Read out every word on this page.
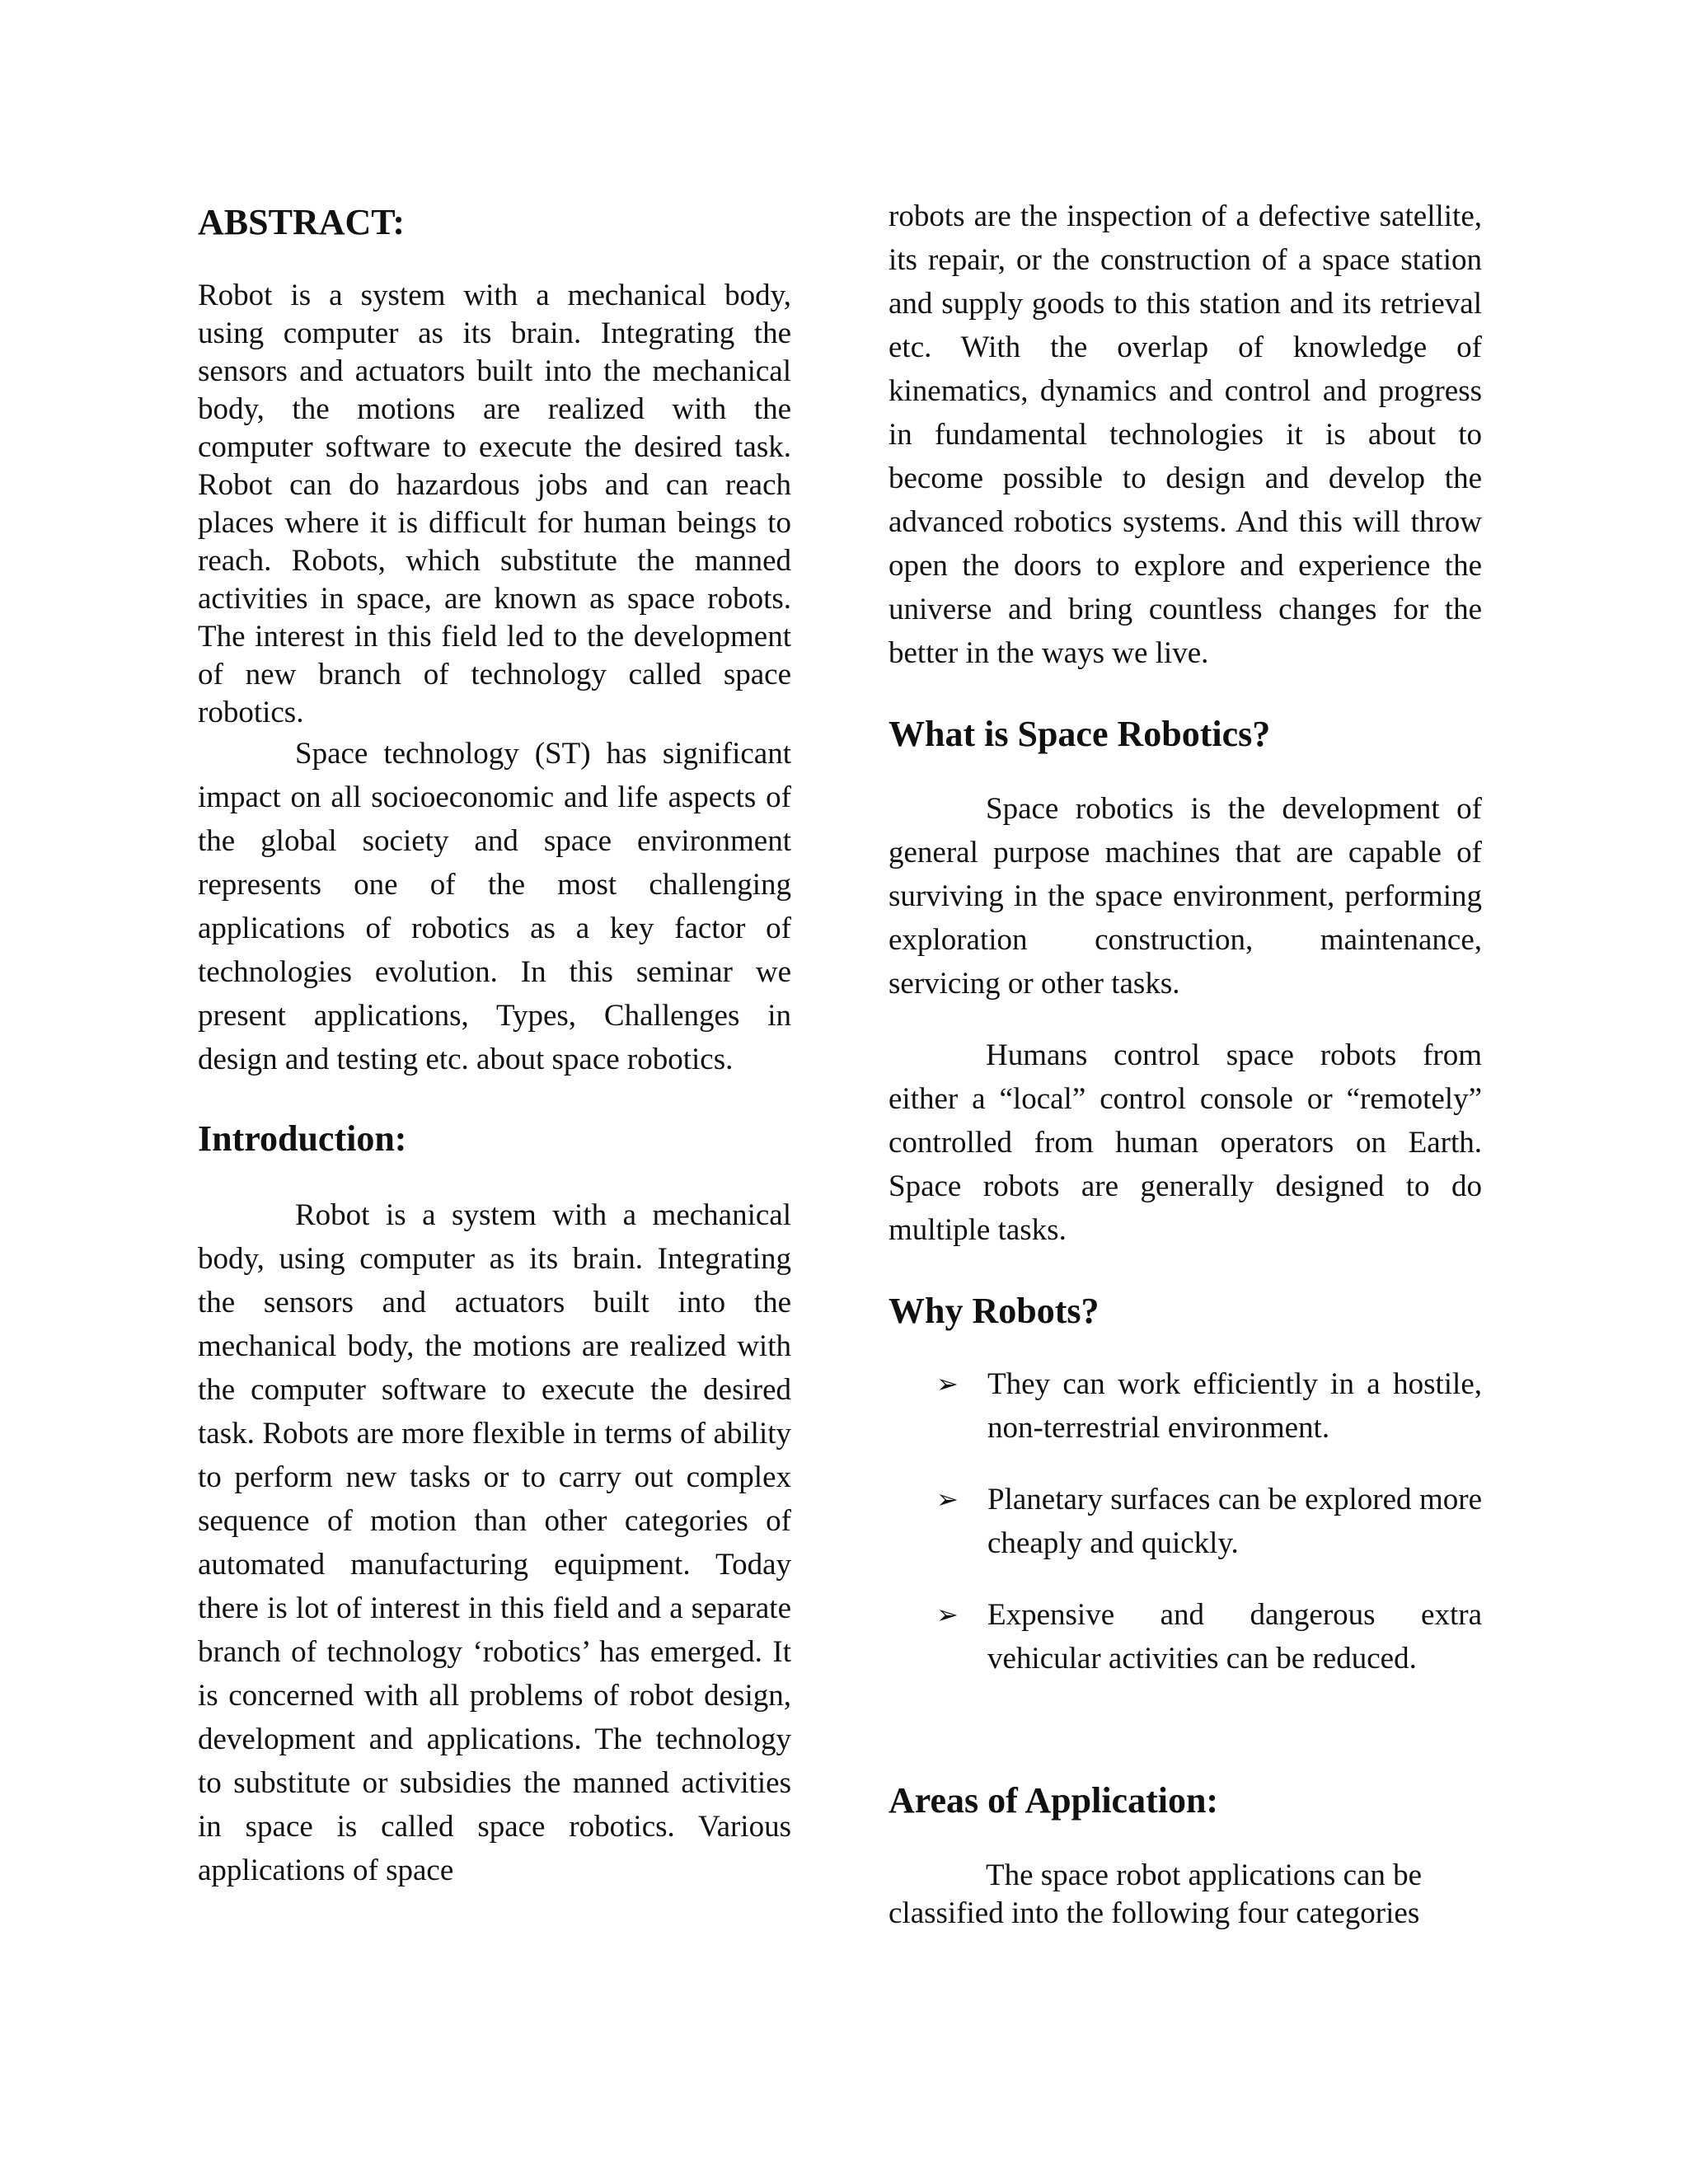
ABSTRACT:

Robot is a system with a mechanical body, using computer as its brain. Integrating the sensors and actuators built into the mechanical body, the motions are realized with the computer software to execute the desired task. Robot can do hazardous jobs and can reach places where it is difficult for human beings to reach. Robots, which substitute the manned activities in space, are known as space robots. The interest in this field led to the development of new branch of technology called space robotics.

Space technology (ST) has significant impact on all socioeconomic and life aspects of the global society and space environment represents one of the most challenging applications of robotics as a key factor of technologies evolution. In this seminar we present applications, Types, Challenges in design and testing etc. about space robotics.

Introduction:

Robot is a system with a mechanical body, using computer as its brain. Integrating the sensors and actuators built into the mechanical body, the motions are realized with the computer software to execute the desired task. Robots are more flexible in terms of ability to perform new tasks or to carry out complex sequence of motion than other categories of automated manufacturing equipment. Today there is lot of interest in this field and a separate branch of technology ‘robotics’ has emerged. It is concerned with all problems of robot design, development and applications. The technology to substitute or subsidies the manned activities in space is called space robotics. Various applications of space

robots are the inspection of a defective satellite, its repair, or the construction of a space station and supply goods to this station and its retrieval etc. With the overlap of knowledge of kinematics, dynamics and control and progress in fundamental technologies it is about to become possible to design and develop the advanced robotics systems. And this will throw open the doors to explore and experience the universe and bring countless changes for the better in the ways we live.

What is Space Robotics?

Space robotics is the development of general purpose machines that are capable of surviving in the space environment, performing exploration construction, maintenance, servicing or other tasks.

Humans control space robots from either a “local” control console or “remotely” controlled from human operators on Earth. Space robots are generally designed to do multiple tasks.

Why Robots?
➢ They can work efficiently in a hostile, non-terrestrial environment.
➢ Planetary surfaces can be explored more cheaply and quickly.
➢ Expensive and dangerous extra vehicular activities can be reduced.
Areas of Application:

The space robot applications can be classified into the following four categories
